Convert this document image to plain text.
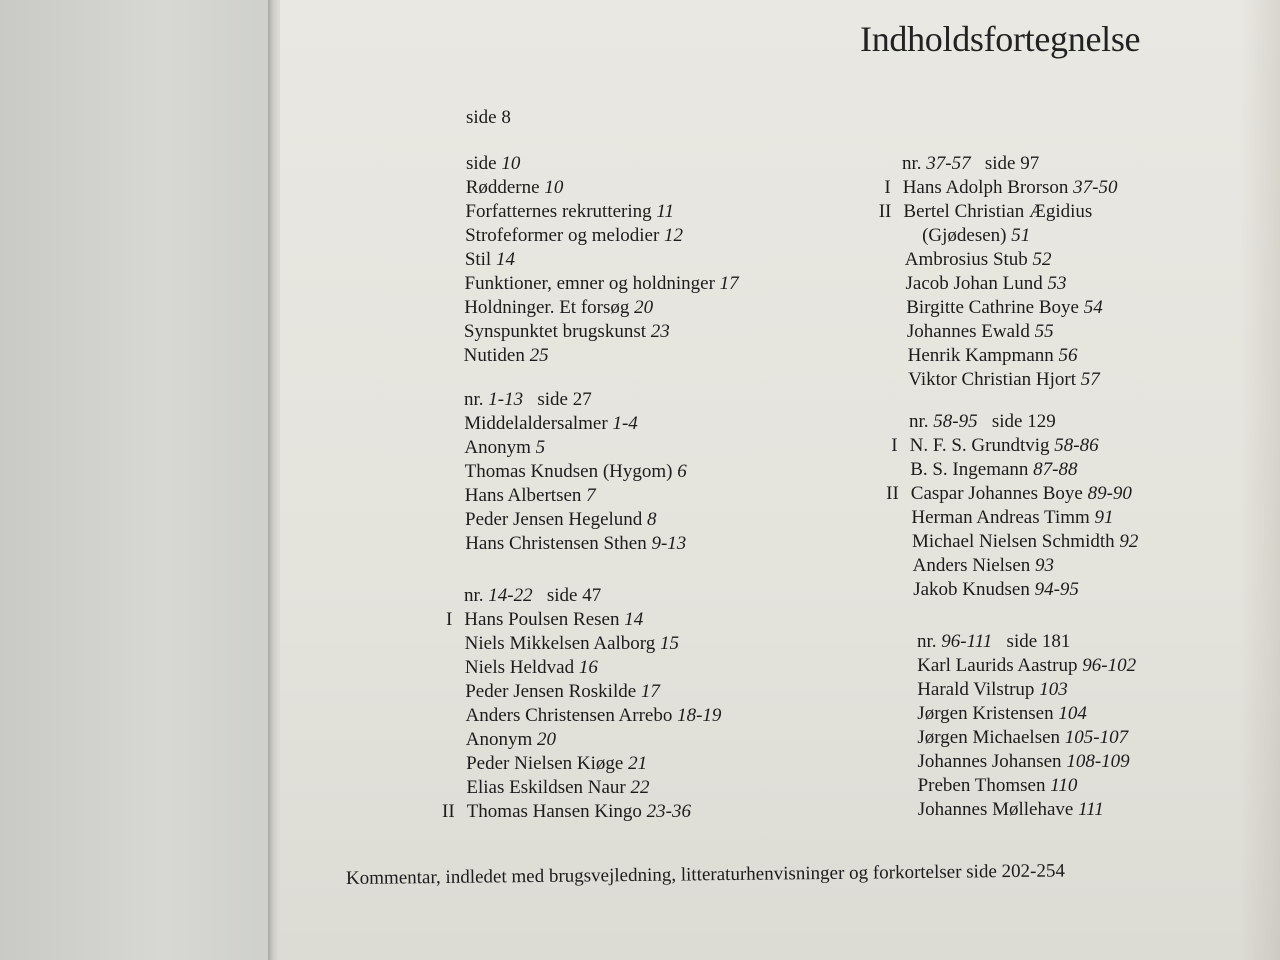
Indholdsfortegnelse
side 8
side 10
Rødderne 10
Forfatternes rekruttering 11
Strofeformer og melodier 12
Stil 14
Funktioner, emner og holdninger 17
Holdninger. Et forsøg 20
Synspunktet brugskunst 23
Nutiden 25
nr. 1-13 side 27
Middelaldersalmer 1-4
Anonym 5
Thomas Knudsen (Hygom) 6
Hans Albertsen 7
Peder Jensen Hegelund 8
Hans Christensen Sthen 9-13
nr. 14-22 side 47
I Hans Poulsen Resen 14
Niels Mikkelsen Aalborg 15
Niels Heldvad 16
Peder Jensen Roskilde 17
Anders Christensen Arrebo 18-19
Anonym 20
Peder Nielsen Kiøge 21
Elias Eskildsen Naur 22
II Thomas Hansen Kingo 23-36
nr. 37-57 side 97
I Hans Adolph Brorson 37-50
II Bertel Christian Ægidius
(Gjødesen) 51
Ambrosius Stub 52
Jacob Johan Lund 53
Birgitte Cathrine Boye 54
Johannes Ewald 55
Henrik Kampmann 56
Viktor Christian Hjort 57
nr. 58-95 side 129
I N. F. S. Grundtvig 58-86
B. S. Ingemann 87-88
II Caspar Johannes Boye 89-90
Herman Andreas Timm 91
Michael Nielsen Schmidth 92
Anders Nielsen 93
Jakob Knudsen 94-95
nr. 96-111 side 181
Karl Laurids Aastrup 96-102
Harald Vilstrup 103
Jørgen Kristensen 104
Jørgen Michaelsen 105-107
Johannes Johansen 108-109
Preben Thomsen 110
Johannes Møllehave 111
Kommentar, indledet med brugsvejledning, litteraturhenvisninger og forkortelser side 202-254
